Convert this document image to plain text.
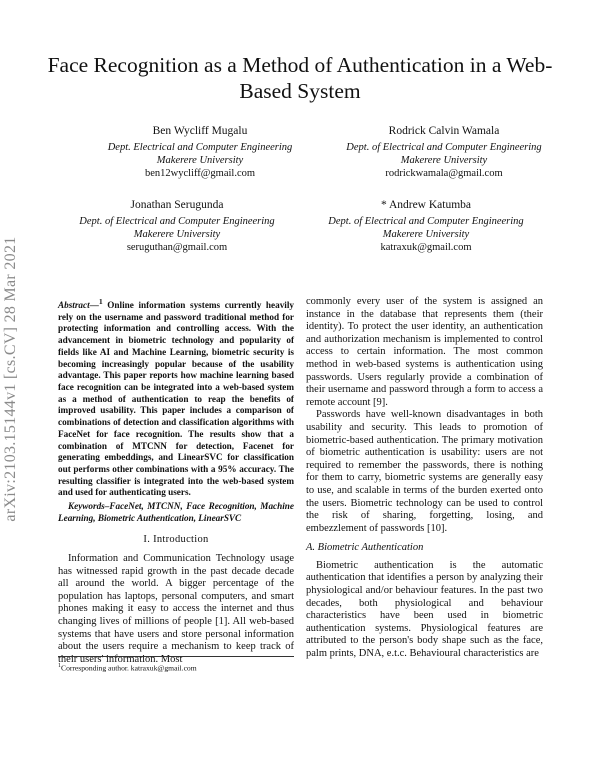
arXiv:2103.15144v1 [cs.CV] 28 Mar 2021
Face Recognition as a Method of Authentication in a Web-Based System
Ben Wycliff Mugalu
Dept. Electrical and Computer Engineering
Makerere University
ben12wycliff@gmail.com
Rodrick Calvin Wamala
Dept. of Electrical and Computer Engineering
Makerere University
rodrickwamala@gmail.com
Jonathan Serugunda
Dept. of Electrical and Computer Engineering
Makerere University
seruguthan@gmail.com
* Andrew Katumba
Dept. of Electrical and Computer Engineering
Makerere University
katraxuk@gmail.com
Abstract—$^1$ Online information systems currently heavily rely on the username and password traditional method for protecting information and controlling access. With the advancement in biometric technology and popularity of fields like AI and Machine Learning, biometric security is becoming increasingly popular because of the usability advantage. This paper reports how machine learning based face recognition can be integrated into a web-based system as a method of authentication to reap the benefits of improved usability. This paper includes a comparison of combinations of detection and classification algorithms with FaceNet for face recognition. The results show that a combination of MTCNN for detection, Facenet for generating embeddings, and LinearSVC for classification out performs other combinations with a 95% accuracy. The resulting classifier is integrated into the web-based system and used for authenticating users.
Keywords–FaceNet, MTCNN, Face Recognition, Machine Learning, Biometric Authentication, LinearSVC
I. Introduction

Information and Communication Technology usage has witnessed rapid growth in the past decade decade all around the world. A bigger percentage of the population has laptops, personal computers, and smart phones making it easy to access the internet and thus changing lives of millions of people [1]. All web-based systems that have users and store personal information about the users require a mechanism to keep track of their users' information. Most

commonly every user of the system is assigned an instance in the database that represents them (their identity). To protect the user identity, an authentication and authorization mechanism is implemented to control access to certain information. The most common method in web-based systems is authentication using passwords. Users regularly provide a combination of their username and password through a form to access a remote account [9].

Passwords have well-known disadvantages in both usability and security. This leads to promotion of biometric-based authentication. The primary motivation of biometric authentication is usability: users are not required to remember the passwords, there is nothing for them to carry, biometric systems are generally easy to use, and scalable in terms of the burden exerted onto the users. Biometric technology can be used to control the risk of sharing, forgetting, losing, and embezzlement of passwords [10].

A. Biometric Authentication

Biometric authentication is the automatic authentication that identifies a person by analyzing their physiological and/or behaviour features. In the past two decades, both physiological and behaviour characteristics have been used in biometric authentication systems. Physiological features are attributed to the person's body shape such as the face, palm prints, DNA, e.t.c. Behavioural characteristics are

$^1$Corresponding author. katraxuk@gmail.com
